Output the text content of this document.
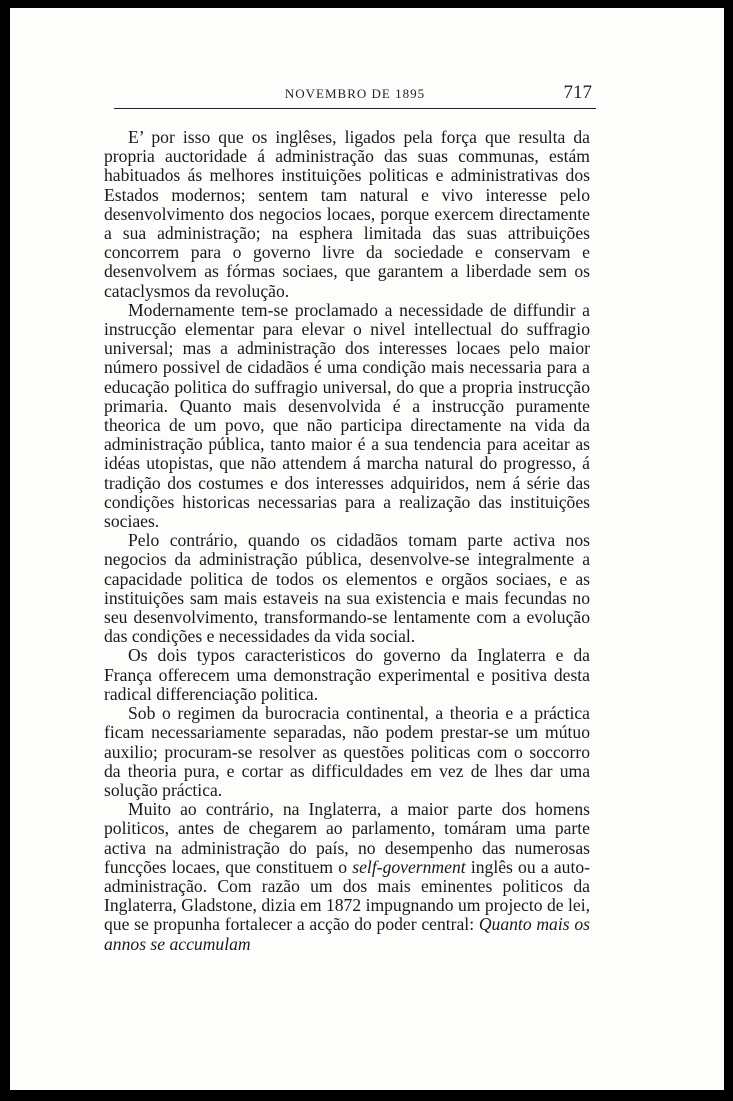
NOVEMBRO DE 1895	717

E’ por isso que os inglêses, ligados pela força que resulta da propria auctoridade á administração das suas communas, estám habituados ás melhores instituições politicas e administrativas dos Estados modernos; sentem tam natural e vivo interesse pelo desenvolvimento dos negocios locaes, porque exercem directamente a sua administração; na esphera limitada das suas attribuições concorrem para o governo livre da sociedade e conservam e desenvolvem as fórmas sociaes, que garantem a liberdade sem os cataclysmos da revolução.

Modernamente tem-se proclamado a necessidade de diffundir a instrucção elementar para elevar o nivel intellectual do suffragio universal; mas a administração dos interesses locaes pelo maior número possivel de cidadãos é uma condição mais necessaria para a educação politica do suffragio universal, do que a propria instrucção primaria. Quanto mais desenvolvida é a instrucção puramente theorica de um povo, que não participa directamente na vida da administração pública, tanto maior é a sua tendencia para aceitar as idéas utopistas, que não attendem á marcha natural do progresso, á tradição dos costumes e dos interesses adquiridos, nem á série das condições historicas necessarias para a realização das instituições sociaes.

Pelo contrário, quando os cidadãos tomam parte activa nos negocios da administração pública, desenvolve-se integralmente a capacidade politica de todos os elementos e orgãos sociaes, e as instituições sam mais estaveis na sua existencia e mais fecundas no seu desenvolvimento, transformando-se lentamente com a evolução das condições e necessidades da vida social.

Os dois typos caracteristicos do governo da Inglaterra e da França offerecem uma demonstração experimental e positiva desta radical differenciação politica.

Sob o regimen da burocracia continental, a theoria e a práctica ficam necessariamente separadas, não podem prestar-se um mútuo auxilio; procuram-se resolver as questões politicas com o soccorro da theoria pura, e cortar as difficuldades em vez de lhes dar uma solução práctica.

Muito ao contrário, na Inglaterra, a maior parte dos homens politicos, antes de chegarem ao parlamento, tomáram uma parte activa na administração do país, no desempenho das numerosas funcções locaes, que constituem o self-government inglês ou a auto-administração. Com razão um dos mais eminentes politicos da Inglaterra, Gladstone, dizia em 1872 impugnando um projecto de lei, que se propunha fortalecer a acção do poder central: Quanto mais os annos se accumulam
